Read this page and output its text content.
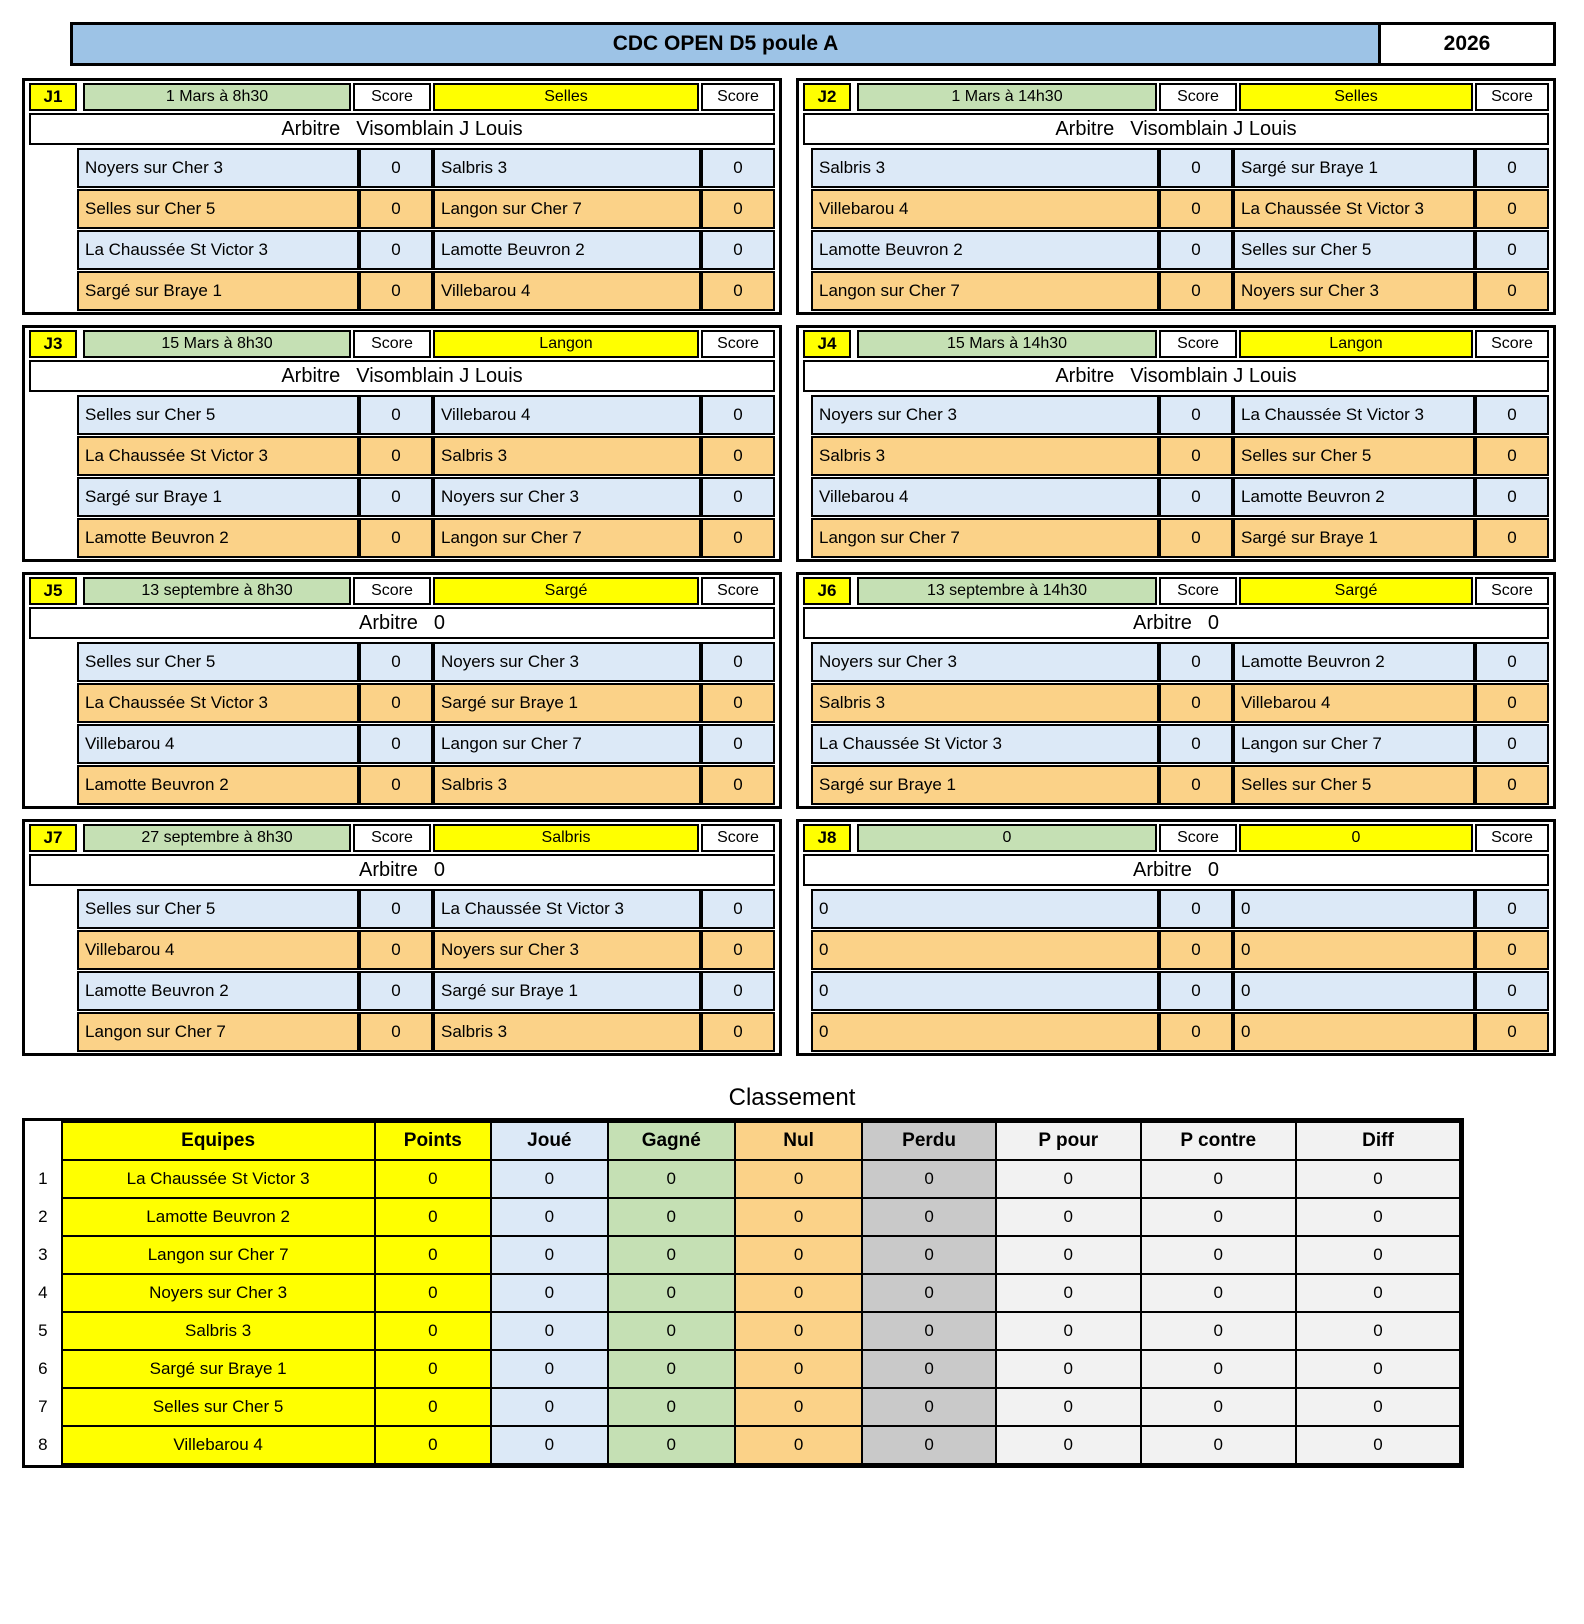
CDC OPEN D5 poule A	2026
J1	1 Mars à 8h30	Score	Selles	Score
Arbitre Visomblain J Louis
Noyers sur Cher 3	0	Salbris 3	0
Selles sur Cher 5	0	Langon sur Cher 7	0
La Chaussée St Victor 3	0	Lamotte Beuvron 2	0
Sargé sur Braye 1	0	Villebarou 4	0
J2	1 Mars à 14h30	Score	Selles	Score
Arbitre Visomblain J Louis
Salbris 3	0	Sargé sur Braye 1	0
Villebarou 4	0	La Chaussée St Victor 3	0
Lamotte Beuvron 2	0	Selles sur Cher 5	0
Langon sur Cher 7	0	Noyers sur Cher 3	0
J3	15 Mars à 8h30	Score	Langon	Score
Arbitre Visomblain J Louis
Selles sur Cher 5	0	Villebarou 4	0
La Chaussée St Victor 3	0	Salbris 3	0
Sargé sur Braye 1	0	Noyers sur Cher 3	0
Lamotte Beuvron 2	0	Langon sur Cher 7	0
J4	15 Mars à 14h30	Score	Langon	Score
Arbitre Visomblain J Louis
Noyers sur Cher 3	0	La Chaussée St Victor 3	0
Salbris 3	0	Selles sur Cher 5	0
Villebarou 4	0	Lamotte Beuvron 2	0
Langon sur Cher 7	0	Sargé sur Braye 1	0
J5	13 septembre à 8h30	Score	Sargé	Score
Arbitre 0
Selles sur Cher 5	0	Noyers sur Cher 3	0
La Chaussée St Victor 3	0	Sargé sur Braye 1	0
Villebarou 4	0	Langon sur Cher 7	0
Lamotte Beuvron 2	0	Salbris 3	0
J6	13 septembre à 14h30	Score	Sargé	Score
Arbitre 0
Noyers sur Cher 3	0	Lamotte Beuvron 2	0
Salbris 3	0	Villebarou 4	0
La Chaussée St Victor 3	0	Langon sur Cher 7	0
Sargé sur Braye 1	0	Selles sur Cher 5	0
J7	27 septembre à 8h30	Score	Salbris	Score
Arbitre 0
Selles sur Cher 5	0	La Chaussée St Victor 3	0
Villebarou 4	0	Noyers sur Cher 3	0
Lamotte Beuvron 2	0	Sargé sur Braye 1	0
Langon sur Cher 7	0	Salbris 3	0
J8	0	Score	0	Score
Arbitre 0
0	0	0	0
0	0	0	0
0	0	0	0
0	0	0	0
Classement
	Equipes	Points	Joué	Gagné	Nul	Perdu	P pour	P contre	Diff
1	La Chaussée St Victor 3	0	0	0	0	0	0	0	0
2	Lamotte Beuvron 2	0	0	0	0	0	0	0	0
3	Langon sur Cher 7	0	0	0	0	0	0	0	0
4	Noyers sur Cher 3	0	0	0	0	0	0	0	0
5	Salbris 3	0	0	0	0	0	0	0	0
6	Sargé sur Braye 1	0	0	0	0	0	0	0	0
7	Selles sur Cher 5	0	0	0	0	0	0	0	0
8	Villebarou 4	0	0	0	0	0	0	0	0
